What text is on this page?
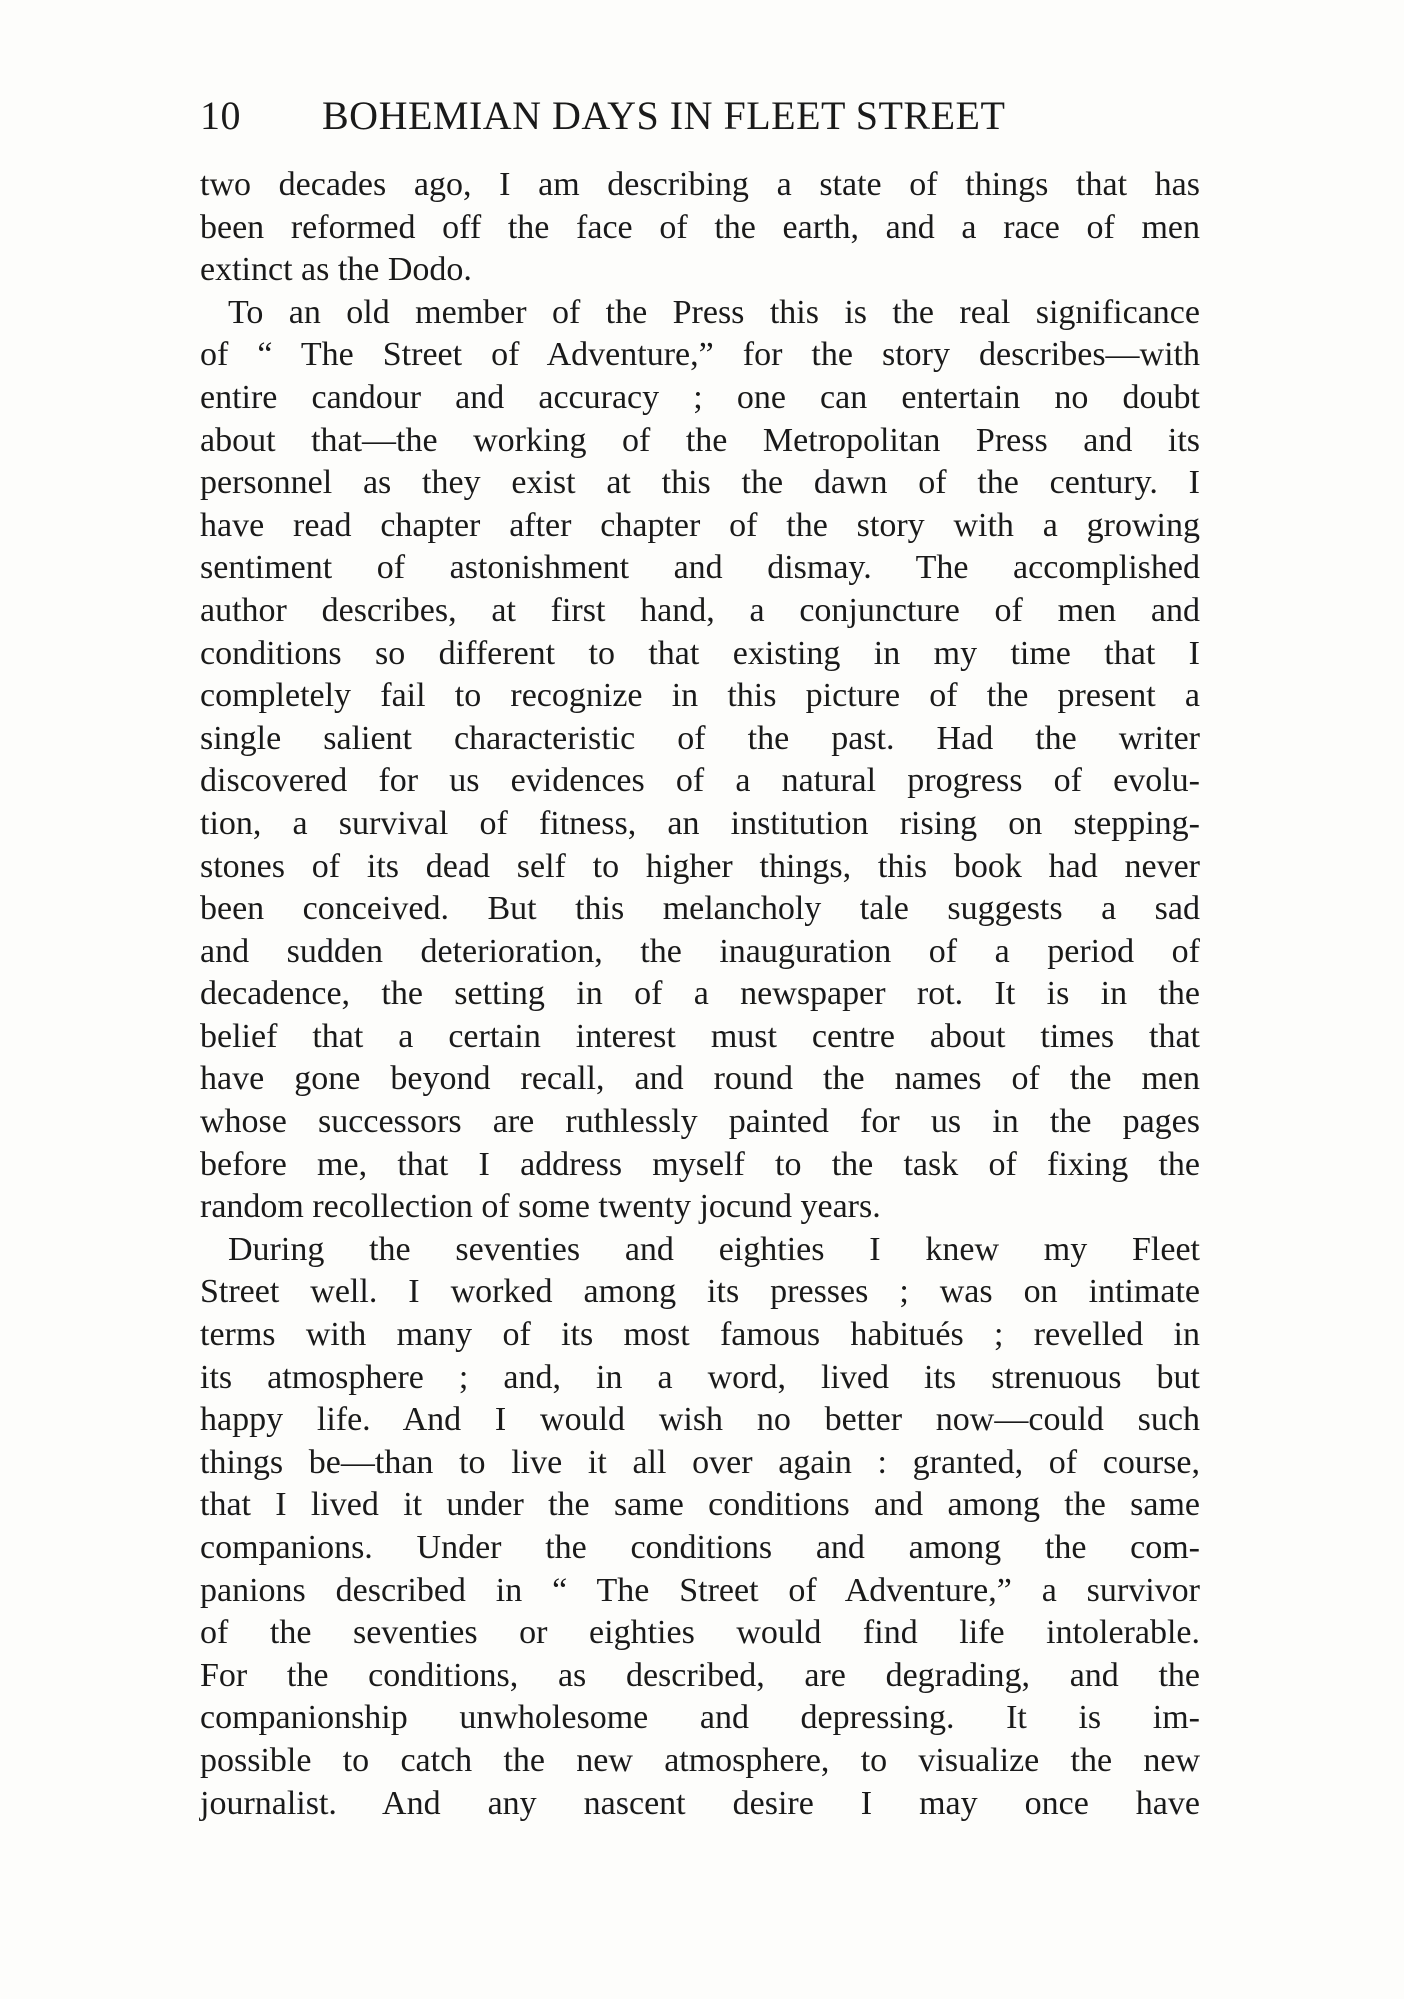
10 BOHEMIAN DAYS IN FLEET STREET
two decades ago, I am describing a state of things that has
been reformed off the face of the earth, and a race of men
extinct as the Dodo.
To an old member of the Press this is the real significance
of “ The Street of Adventure,” for the story describes—with
entire candour and accuracy ; one can entertain no doubt
about that—the working of the Metropolitan Press and its
personnel as they exist at this the dawn of the century. I
have read chapter after chapter of the story with a growing
sentiment of astonishment and dismay. The accomplished
author describes, at first hand, a conjuncture of men and
conditions so different to that existing in my time that I
completely fail to recognize in this picture of the present a
single salient characteristic of the past. Had the writer
discovered for us evidences of a natural progress of evolu-
tion, a survival of fitness, an institution rising on stepping-
stones of its dead self to higher things, this book had never
been conceived. But this melancholy tale suggests a sad
and sudden deterioration, the inauguration of a period of
decadence, the setting in of a newspaper rot. It is in the
belief that a certain interest must centre about times that
have gone beyond recall, and round the names of the men
whose successors are ruthlessly painted for us in the pages
before me, that I address myself to the task of fixing the
random recollection of some twenty jocund years.
During the seventies and eighties I knew my Fleet
Street well. I worked among its presses ; was on intimate
terms with many of its most famous habitués ; revelled in
its atmosphere ; and, in a word, lived its strenuous but
happy life. And I would wish no better now—could such
things be—than to live it all over again : granted, of course,
that I lived it under the same conditions and among the same
companions. Under the conditions and among the com-
panions described in “ The Street of Adventure,” a survivor
of the seventies or eighties would find life intolerable.
For the conditions, as described, are degrading, and the
companionship unwholesome and depressing. It is im-
possible to catch the new atmosphere, to visualize the new
journalist. And any nascent desire I may once have
